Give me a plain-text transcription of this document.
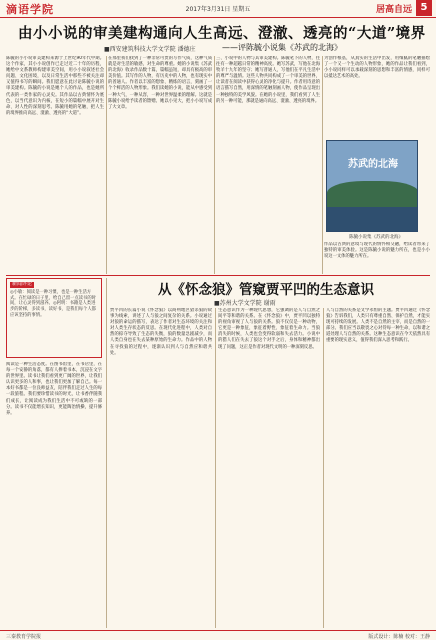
滴语学院	2017年3月31日 星期五	居高自远 5
由小小说的审美建构通向人生高远、澄澈、透亮的“大道”境界
■西安建筑科技大学文学院 潘德庄	——评陈毓小说集《苏武的北海》
陈毓的小小说审美建构来源于上世纪90年代中期。这个作家，其小小说创作已走过近二十年的历程，她给中文系教师构建审美空间，用小小说叙述社会问题、文化困境，以及日常生活中那些不被关注却又值得书写的瞬间。我们愿意在此讨论陈毓小说的审美建构。陈毓的小说是她个人的作品，也是她所代表的一类作家的心灵史。其作品以古典情怀为底色，以当代意识为内核，在短小的篇幅中展开对生命、对人性的深刻思考。陈毓用她的笔触，把人生的境界推向高远、澄澈、透亮的“大道”。
在那里我们找到了一种非常可贵的写作气质，这种气质就是对生活的敏感，对生命的尊重。她的小说集《苏武的北海》收录作品数十篇，篇幅虽短，却具有极高的审美价值。其写作的人物，有历史中的人物，也有现实中的普通人。作者以丰富的想象、精炼的语言，刻画了一个个鲜活的人物形象。我们读她的小说，能从中感受到一种大气，一种从容，一种对世界温柔的理解。这就是陈毓小说给予读者的馈赠。她以小见大，把小小说写成了大文章。
三、小说中的人物与其审美建构。陈毓笔下的人物，往往有一种超越日常的精神高度。她写苏武，写他在北海牧羊十九年的坚守；她写普通人，写他们在平凡生活中的尊严与温情。这些人物共同构成了一个审美的世界，让读者在阅读中获得心灵的净化与提升。作者用诗意的语言描写自然，用深情的笔触刻画人物，使作品呈现出一种独特的美学风貌。在她的小说里，我们看到了人生的另一种可能，那就是通向高远、澄澈、透亮的境界。
为创作根基，从真实的生活中出发，用细腻的笔触描绘了一个又一个生动的人物形象，她的作品让我们看到，小小说同样可以承载深刻的思想和丰富的情感，同样可以抵达艺术的高处。
苏武的北海
陈毓小说集《苏武的北海》
作品以古典的意境与现代的情怀相交融，给读者带来了独特的审美体验。这是陈毓小说的魅力所在，也是小小说这一文体的魅力所在。
新闻评论
◎小敏：阅读是一种习惯，也是一种生活方式。在忙碌的日子里，给自己留一点读书的时间，让心灵得到滋养。◎阿明：书籍是人类进步的阶梯，多读书，读好书，是我们每个人都应该坚持的事情。
阅读是一种生活态度。在图书馆里，在书店里，在每一个安静的角落，都有人捧着书本，沉浸在文字的世界里。读书让我们看到更广阔的世界，让我们认识更多的人和事，也让我们更加了解自己。每一本好书都是一位良师益友，陪伴我们走过人生的每一段旅程。我们要珍惜读书的时光，让书香伴随我们成长，让阅读成为我们生活中不可或缺的一部分。读书不仅能增长知识，更能陶冶情操，提升修养。
从《怀念狼》管窥贾平凹的生态意识
■苏州大学文学院 谢雨
贾平凹的长篇小说《怀念狼》以商州地区猎杀狼的故事为线索，讲述了人与狼之间复杂的关系。小说通过对狼的命运的描写，表达了作者对生态环境的关注和对人类生存状态的反思。在现代化进程中，人类对自然的掠夺导致了生态的失衡，狼的数量急剧减少，而人类自身也在失去某种原始的生命力。作品中的人物在寻找狼的过程中，逐渐认识到人与自然应和谐共处。
生态意识作为一种现代思想，它强调的是人与自然之间平等和谐的关系。在《怀念狼》中，贾平凹以独特的视角审视了人与狼的关系。狼不仅仅是一种动物，它更是一种象征，象征着野性、象征着生命力。当狼消失的时候，人类也会变得软弱和失去活力。小说中的猎人们在失去了狼这个对手之后，身体和精神都出现了问题，这正是作者对现代文明的一种深刻反思。
人与自然的关系是文学永恒的主题。贾平凹通过《怀念狼》告诉我们，人类只有尊重自然、保护自然，才能实现可持续的发展。人类不是自然的主宰，而是自然的一部分。我们应当以敬畏之心对待每一种生命，以和谐之道处理人与自然的关系。这种生态意识在今天依然具有重要的现实意义，值得我们深入思考和践行。
三秦教育学院报	版式设计：陈楠 校对：王静
